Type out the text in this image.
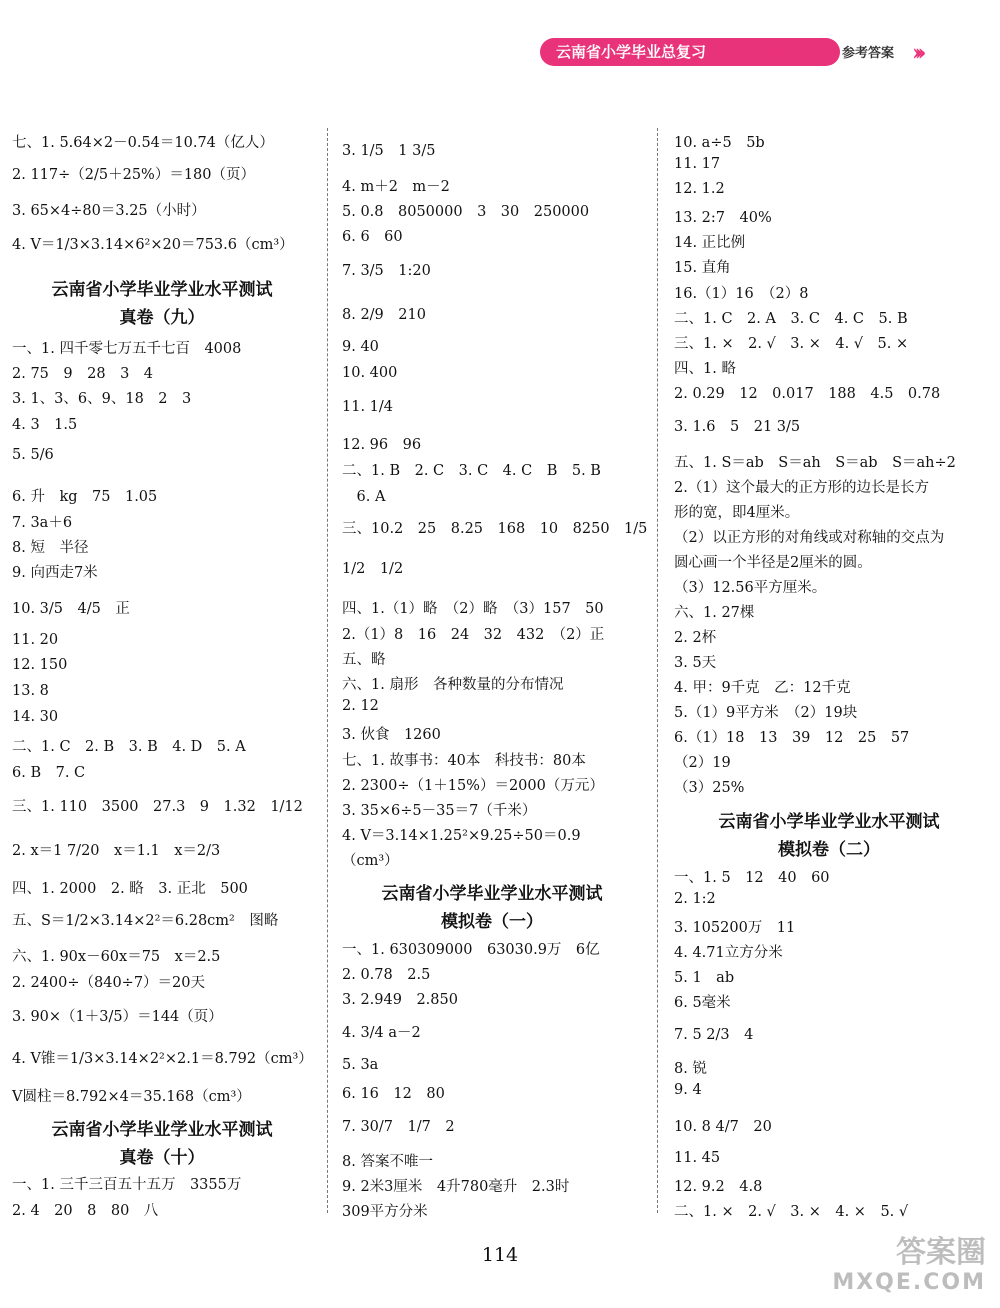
云南省小学毕业总复习	一本全	参考答案 ›››
七、1. 5.64×2－0.54＝10.74（亿人）
2. 117÷（2/5＋25%）＝180（页）
3. 65×4÷80＝3.25（小时）
4. V＝1/3×3.14×6²×20＝753.6（cm³）
云南省小学毕业学业水平测试
真卷（九）
一、1. 四千零七万五千七百　4008
2. 75　9　28　3　4
3. 1、3、6、9、18　2　3
4. 3　1.5
5. 5/6
6. 升　kg　75　1.05
7. 3a＋6
8. 短　半径
9. 向西走7米
10. 3/5　4/5　正
11. 20
12. 150
13. 8
14. 30
二、1. C　2. B　3. B　4. D　5. A
6. B　7. C
三、1. 110　3500　27.3　9　1.32　1/12
2. x＝1 7/20　x＝1.1　x＝2/3
四、1. 2000　2. 略　3. 正北　500
五、S＝1/2×3.14×2²＝6.28cm²　图略
六、1. 90x－60x＝75　x＝2.5
2. 2400÷（840÷7）＝20天
3. 90×（1＋3/5）＝144（页）
4. V锥＝1/3×3.14×2²×2.1＝8.792（cm³）
V圆柱＝8.792×4＝35.168（cm³）
云南省小学毕业学业水平测试
真卷（十）
一、1. 三千三百五十五万　3355万
2. 4　20　8　80　八
3. 1/5　1 3/5
4. m＋2　m－2
5. 0.8　8050000　3　30　250000
6. 6　60
7. 3/5　1:20
8. 2/9　210
9. 40
10. 400
11. 1/4
12. 96　96
二、1. B　2. C　3. C　4. C　B　5. B
　6. A
三、10.2　25　8.25　168　10　8250　1/5
1/2　1/2
四、1.（1）略　（2）略　（3）157　50
2.（1）8　16　24　32　432　（2）正
五、略
六、1. 扇形　各种数量的分布情况
2. 12
3. 伙食　1260
七、1. 故事书：40本　科技书：80本
2. 2300÷（1＋15%）＝2000（万元）
3. 35×6÷5－35＝7（千米）
4. V＝3.14×1.25²×9.25÷50＝0.9
（cm³）
云南省小学毕业学业水平测试
模拟卷（一）
一、1. 630309000　63030.9万　6亿
2. 0.78　2.5
3. 2.949　2.850
4. 3/4 a－2
5. 3a
6. 16　12　80
7. 30/7　1/7　2
8. 答案不唯一
9. 2米3厘米　4升780毫升　2.3时
309平方分米
10. a÷5　5b
11. 17
12. 1.2
13. 2:7　40%
14. 正比例
15. 直角
16.（1）16　（2）8
二、1. C　2. A　3. C　4. C　5. B
三、1. ×　2. √　3. ×　4. √　5. ×
四、1. 略
2. 0.29　12　0.017　188　4.5　0.78
3. 1.6　5　21 3/5
五、1. S＝ab　S＝ah　S＝ab　S＝ah÷2
2.（1）这个最大的正方形的边长是长方
形的宽，即4厘米。
（2）以正方形的对角线或对称轴的交点为
圆心画一个半径是2厘米的圆。
（3）12.56平方厘米。
六、1. 27棵
2. 2杯
3. 5天
4. 甲：9千克　乙：12千克
5.（1）9平方米　（2）19块
6.（1）18　13　39　12　25　57
（2）19
（3）25%
云南省小学毕业学业水平测试
模拟卷（二）
一、1. 5　12　40　60
2. 1:2
3. 105200万　11
4. 4.71立方分米
5. 1　ab
6. 5毫米
7. 5 2/3　4
8. 锐
9. 4
10. 8 4/7　20
11. 45
12. 9.2　4.8
二、1. ×　2. √　3. ×　4. ×　5. √
114	答案圈
MXQE.COM
